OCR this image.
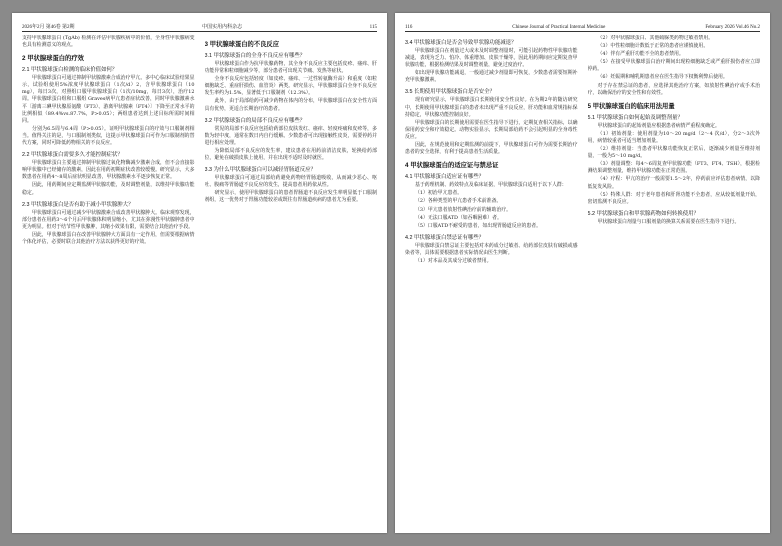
2026年2月 第46卷 第2期	中国实用内科杂志	115
支持甲状腺球蛋白 (TgAb) 检测在评估甲状腺疾病中的价值，全身性甲状腺病变也具有检测意义的观点。
2 甲状腺球蛋白的疗效
2.1 甲状腺球蛋白检测的临床价值如何？
甲状腺球蛋白可通过抑制甲状腺激素合成治疗甲亢。多中心临床试验结果显示，试验组使用5%浓度甲状腺球蛋白（1次/d）2，含甲状腺球蛋白（10 mg），每日3次，对照组口服甲状腺球蛋白（1次/10mg，每日3次），治疗12周。甲状腺球蛋白组和口服组 Graves病甲亢患者症状改善，同时甲状腺激素水平〔游离三碘甲状腺原氨酸（FT3）、游离甲状腺素（FT4）〕下降至正常水平的比例相似（89.4%vs.87.7%，P>0.05）；两组患者达到上述目标所需时间相同。
分别为6.5周与6.4周（P>0.05）。证明甲状腺球蛋白的疗效与口服制剂相当。值得关注的是，与口服制剂类似，这提示甲状腺球蛋白可作为口服制剂的替代方案，同时可降低药物相关的不良反应。
2.2 甲状腺球蛋白需要多久才能控制症状？
甲状腺球蛋白主要通过抑制甲状腺过氧化物酶减少激素合成，但不会直接影响甲状腺中已经储存的激素，因此在用药初期症状改善较缓慢。研究显示，大多数患者在用药4～8周后症状明显改善，甲状腺激素水平逐步恢复正常。
因此，用药期间应定期监测甲状腺功能，及时调整剂量，以维持甲状腺功能稳定。
2.3 甲状腺球蛋白是否有助于减小甲状腺肿大？
甲状腺球蛋白可通过减少甲状腺激素合成改善甲状腺肿大。临床观察发现，部分患者在用药3～6个月后甲状腺体积明显缩小，尤其在弥漫性甲状腺肿患者中更为明显。但对于结节性甲状腺肿，其缩小效果有限，需要结合其他治疗手段。
因此，甲状腺球蛋白在改善甲状腺肿大方面具有一定作用，但需要根据病情个体化评估，必要时联合其他治疗方法以获得更好的疗效。
3 甲状腺球蛋白的不良反应
3.1 甲状腺球蛋白的全身不良反应有哪些？
甲状腺球蛋白作为抗甲状腺药物，其全身不良反应主要包括皮疹、瘙痒、肝功能异常和粒细胞减少等，部分患者可出现关节痛、发热等症状。
全身不良反应包括轻度（如皮疹、瘙痒、一过性转氨酶升高）和重度（如粒细胞缺乏、重症肝损伤、血管炎）两类。研究显示，甲状腺球蛋白全身不良反应发生率约为1.5%，显著低于口服制剂（12.3%）。
此外，由于局部给药可减少药物在体内的分布，甲状腺球蛋白在安全性方面具有优势，更适合长期治疗的患者。
3.2 甲状腺球蛋白的局部不良反应有哪些？
常见的局部不良反应包括给药部位皮肤发红、瘙痒、轻度疼痛和皮疹等，多数为轻中度，通常在数日内自行缓解。少数患者可出现接触性皮炎，需要停药并进行相应处理。
为降低局部不良反应的发生率，建议患者在用药前清洁皮肤，轮换给药部位，避免在破损皮肤上使用，并在出现不适时及时就医。
3.3 为什么甲状腺球蛋白可以减轻胃肠道反应？
甲状腺球蛋白可通过局部给药避免药物经胃肠道吸收，从而减少恶心、呕吐、腹痛等胃肠道不良反应的发生，提高患者用药依从性。
研究显示，使用甲状腺球蛋白的患者胃肠道不良反应发生率明显低于口服制剂组，这一优势对于胃肠功能较差或既往有胃肠道疾病的患者尤为重要。
116	Chinese Journal of Practical Internal Medicine	February 2026 Vol.46 No.2
3.4 甲状腺球蛋白是否会导致甲状腺功能减退？
甲状腺球蛋白在剂量过大或未及时调整剂量时，可能引起药物性甲状腺功能减退，表现为乏力、怕冷、体重增加、皮肤干燥等。因此用药期间应定期复查甲状腺功能，根据检测结果及时调整剂量，避免过度治疗。
如出现甲状腺功能减退，一般通过减少剂量即可恢复，少数患者需要短期补充甲状腺激素。
3.5 长期使用甲状腺球蛋白是否安全？
现有研究显示，甲状腺球蛋白长期使用安全性良好。在为期2年的随访研究中，长期使用甲状腺球蛋白的患者未出现严重不良反应，肝功能和血常规指标保持稳定，甲状腺功能控制良好。
甲状腺球蛋白的长期使用需要在医生指导下进行，定期复查相关指标，以确保用药安全和疗效稳定。动物实验显示，长期局部给药不会引起明显的全身毒性反应。
因此，在规范使用和定期监测的前提下，甲状腺球蛋白可作为需要长期治疗患者的安全选择，有利于提高患者生活质量。
4 甲状腺球蛋白的适应证与禁忌证
4.1 甲状腺球蛋白适应证有哪些？
基于药理机制、药效特点及临床证据，甲状腺球蛋白适用于以下人群：
（1）初治甲亢患者。
（2）各种类型的甲亢患者手术前准备。
（3）甲亢患者放射性碘治疗前的辅助治疗。
（4）无法口服ATD（如吞咽困难）者。
（5）口服ATD不耐受的患者，如出现胃肠道反应的患者。
4.2 甲状腺球蛋白禁忌证有哪些？
甲状腺球蛋白禁忌证主要包括对本药成分过敏者、给药部位皮肤有破损或感染者等，具体需要根据患者实际情况由医生判断。
（1）对本品及其成分过敏者禁用。
（2）对甲状腺球蛋白、其他硫脲类药物过敏者禁用。
（3）中性粒细胞计数低于正常的患者应谨慎使用。
（4）伴有严重肝功能不全的患者禁用。
（5）在接受甲状腺球蛋白治疗期间出现粒细胞缺乏或严重肝损伤者应立即停药。
（6）妊娠期和哺乳期患者应在医生指导下权衡利弊后使用。
对于存在禁忌证的患者，应选择其他治疗方案，如放射性碘治疗或手术治疗，以确保治疗的安全性和有效性。
5 甲状腺球蛋白的临床用法用量
5.1 甲状腺球蛋白如何起始及调整剂量？
甲状腺球蛋白的起始剂量应根据患者病情严重程度确定。
（1）初始剂量：使用剂量为10～20 mg/d（2～4 次/d），分2～3次外用，病情较重者可适当增加剂量。
（2）维持剂量：当患者甲状腺功能恢复正常后，逐渐减少剂量至维持剂量，一般为5～10 mg/d。
（3）剂量调整：每4～6周复查甲状腺功能（FT3、FT4、TSH），根据检测结果调整剂量，维持甲状腺功能在正常范围。
（4）疗程：甲亢的治疗一般需要1.5～2年，停药前应评估患者病情，以降低复发风险。
（5）特殊人群：对于老年患者和肝肾功能不全患者，应从较低剂量开始，密切监测不良反应。
5.2 甲状腺球蛋白和甲状腺药物如何转换使用？
甲状腺球蛋白剂量与口服剂量的换算关系需要在医生指导下进行。
